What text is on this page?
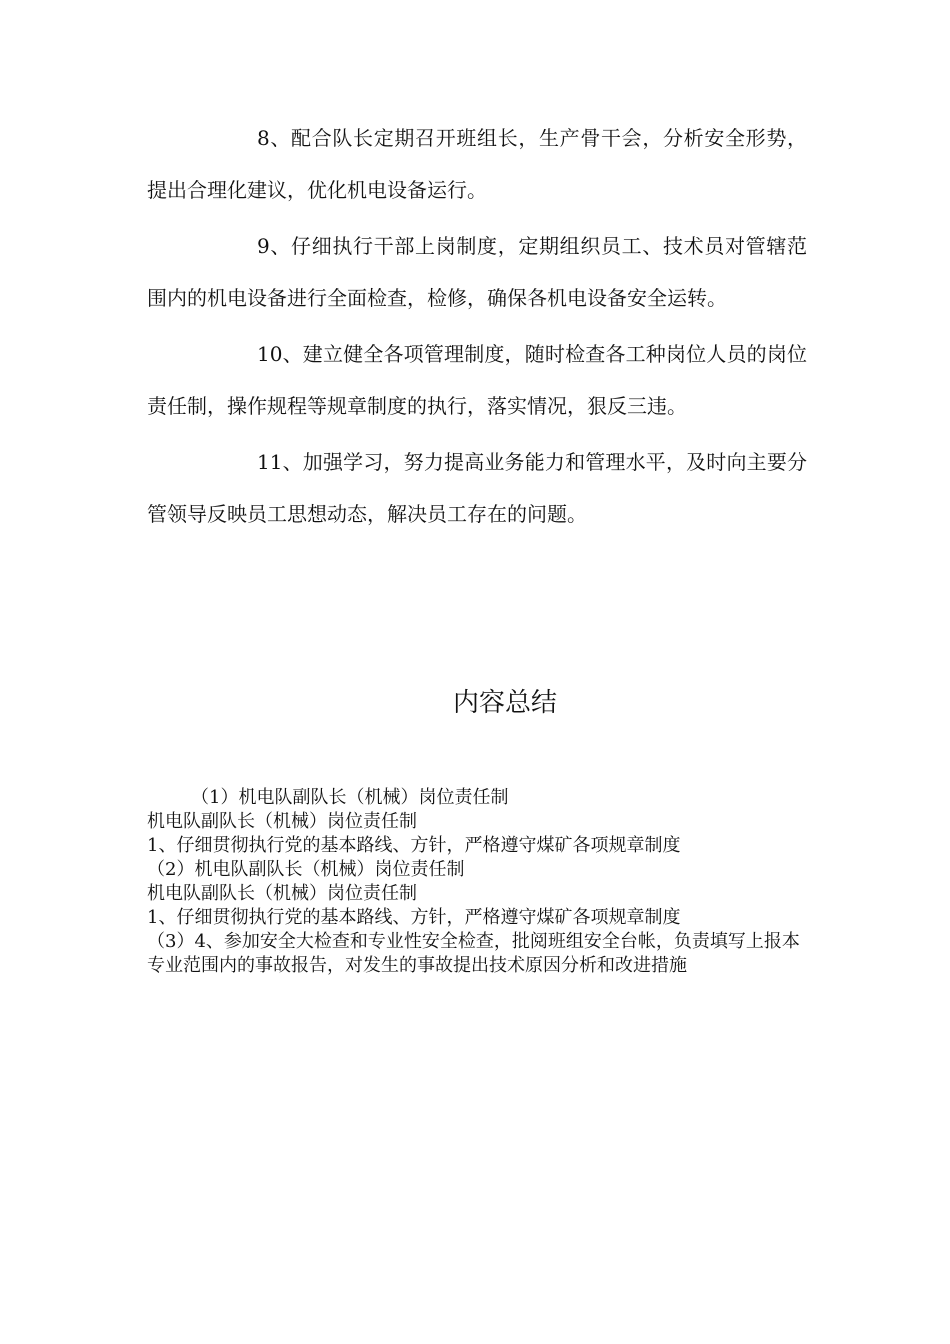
8、配合队长定期召开班组长，生产骨干会，分析安全形势，提出合理化建议，优化机电设备运行。

9、仔细执行干部上岗制度，定期组织员工、技术员对管辖范围内的机电设备进行全面检查，检修，确保各机电设备安全运转。

10、建立健全各项管理制度，随时检查各工种岗位人员的岗位责任制，操作规程等规章制度的执行，落实情况，狠反三违。

11、加强学习，努力提高业务能力和管理水平，及时向主要分管领导反映员工思想动态，解决员工存在的问题。

内容总结

（1）机电队副队长（机械）岗位责任制

机电队副队长（机械）岗位责任制

1、仔细贯彻执行党的基本路线、方针，严格遵守煤矿各项规章制度

（2）机电队副队长（机械）岗位责任制

机电队副队长（机械）岗位责任制

1、仔细贯彻执行党的基本路线、方针，严格遵守煤矿各项规章制度

（3）4、参加安全大检查和专业性安全检查，批阅班组安全台帐，负责填写上报本专业范围内的事故报告，对发生的事故提出技术原因分析和改进措施
